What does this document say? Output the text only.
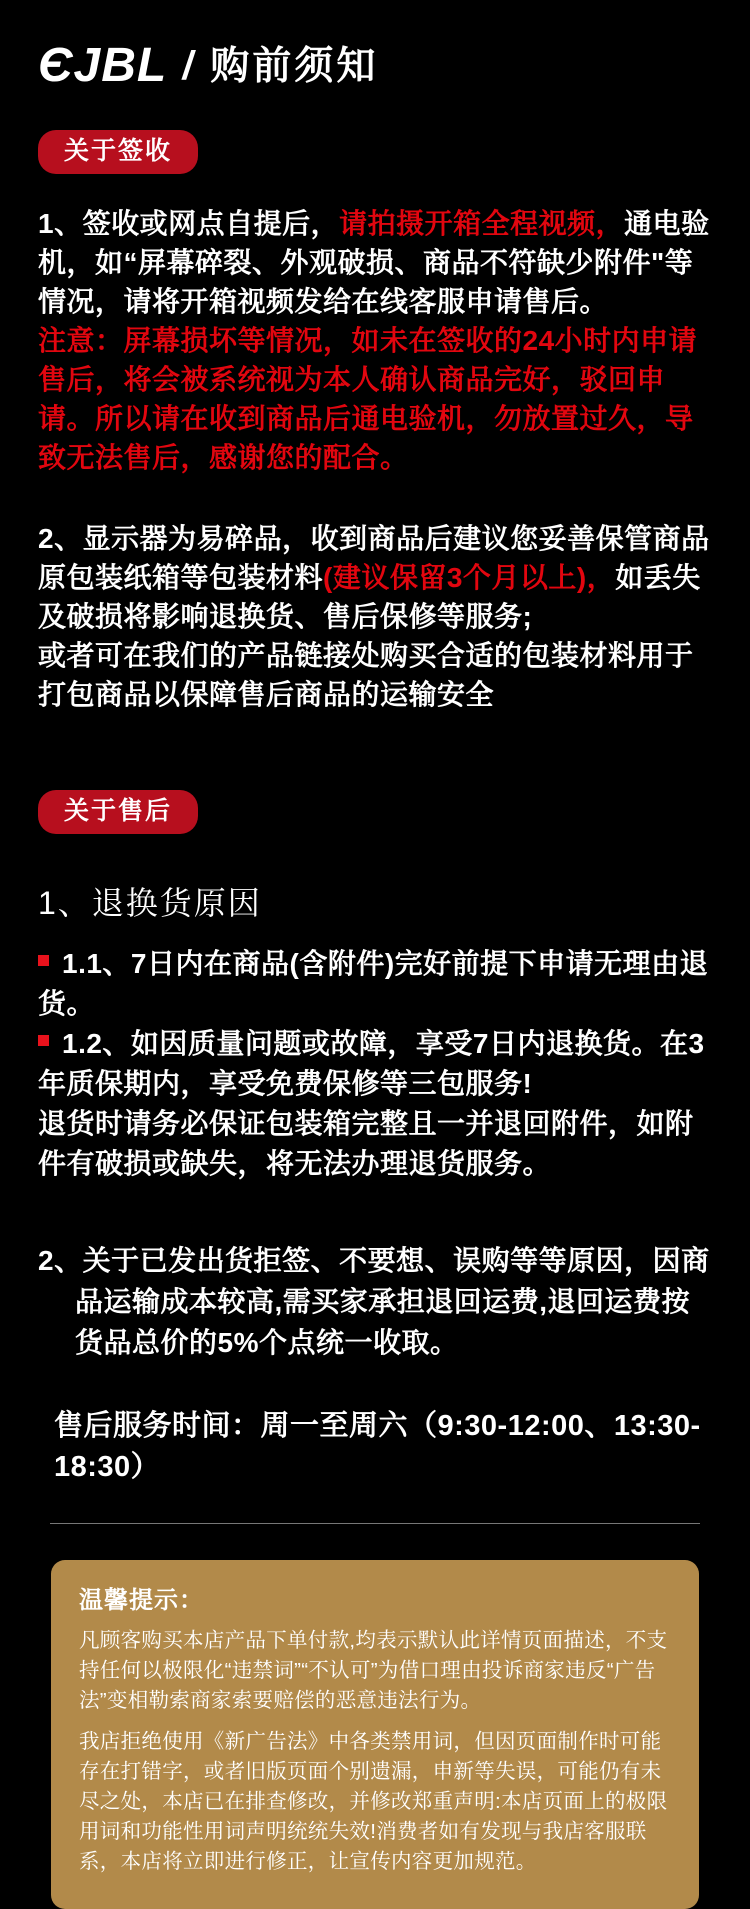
ЄJBL / 购前须知
关于签收
1、签收或网点自提后，请拍摄开箱全程视频，通电验机，如“屏幕碎裂、外观破损、商品不符缺少附件"等情况，请将开箱视频发给在线客服申请售后。
注意：屏幕损坏等情况，如未在签收的24小时内申请售后，将会被系统视为本人确认商品完好，驳回申请。所以请在收到商品后通电验机，勿放置过久，导致无法售后，感谢您的配合。
2、显示器为易碎品，收到商品后建议您妥善保管商品原包装纸箱等包装材料(建议保留3个月以上)，如丢失及破损将影响退换货、售后保修等服务;
或者可在我们的产品链接处购买合适的包装材料用于打包商品以保障售后商品的运输安全
关于售后
1、退换货原因
1.1、7日内在商品(含附件)完好前提下申请无理由退货。
1.2、如因质量问题或故障，享受7日内退换货。在3年质保期内，享受免费保修等三包服务!
退货时请务必保证包装箱完整且一并退回附件，如附件有破损或缺失，将无法办理退货服务。
2、关于已发出货拒签、不要想、误购等等原因，因商品运输成本较高,需买家承担退回运费,退回运费按货品总价的5%个点统一收取。
售后服务时间：周一至周六（9:30-12:00、13:30-18:30）
温馨提示：

凡顾客购买本店产品下单付款,均表示默认此详情页面描述，不支持任何以极限化“违禁词”“不认可”为借口理由投诉商家违反“广告法”变相勒索商家索要赔偿的恶意违法行为。

我店拒绝使用《新广告法》中各类禁用词，但因页面制作时可能存在打错字，或者旧版页面个别遗漏，申新等失误，可能仍有未尽之处，本店已在排查修改，并修改郑重声明:本店页面上的极限用词和功能性用词声明统统失效!消费者如有发现与我店客服联系，本店将立即进行修正，让宣传内容更加规范。
